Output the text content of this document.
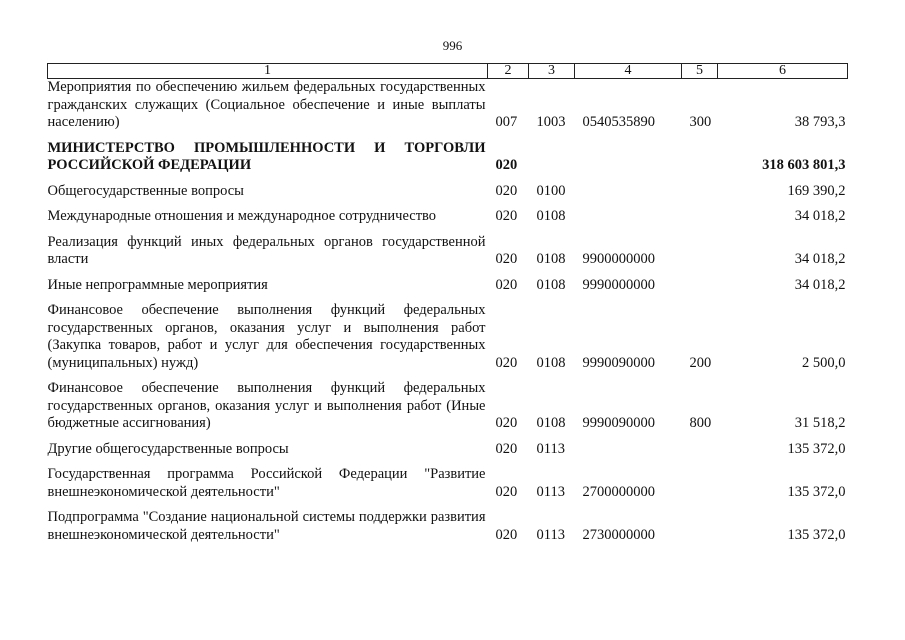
996
1	2	3	4	5	6
Мероприятия по обеспечению жильем федеральных государственных гражданских служащих (Социальное обеспечение и иные выплаты населению)	007	1003	0540535890	300	38 793,3
МИНИСТЕРСТВО ПРОМЫШЛЕННОСТИ И ТОРГОВЛИ РОССИЙСКОЙ ФЕДЕРАЦИИ	020				318 603 801,3
Общегосударственные вопросы	020	0100			169 390,2
Международные отношения и международное сотрудничество	020	0108			34 018,2
Реализация функций иных федеральных органов государственной власти	020	0108	9900000000		34 018,2
Иные непрограммные мероприятия	020	0108	9990000000		34 018,2
Финансовое обеспечение выполнения функций федеральных государственных органов, оказания услуг и выполнения работ (Закупка товаров, работ и услуг для обеспечения государственных (муниципальных) нужд)	020	0108	9990090000	200	2 500,0
Финансовое обеспечение выполнения функций федеральных государственных органов, оказания услуг и выполнения работ (Иные бюджетные ассигнования)	020	0108	9990090000	800	31 518,2
Другие общегосударственные вопросы	020	0113			135 372,0
Государственная программа Российской Федерации "Развитие внешнеэкономической деятельности"	020	0113	2700000000		135 372,0
Подпрограмма "Создание национальной системы поддержки развития внешнеэкономической деятельности"	020	0113	2730000000		135 372,0
